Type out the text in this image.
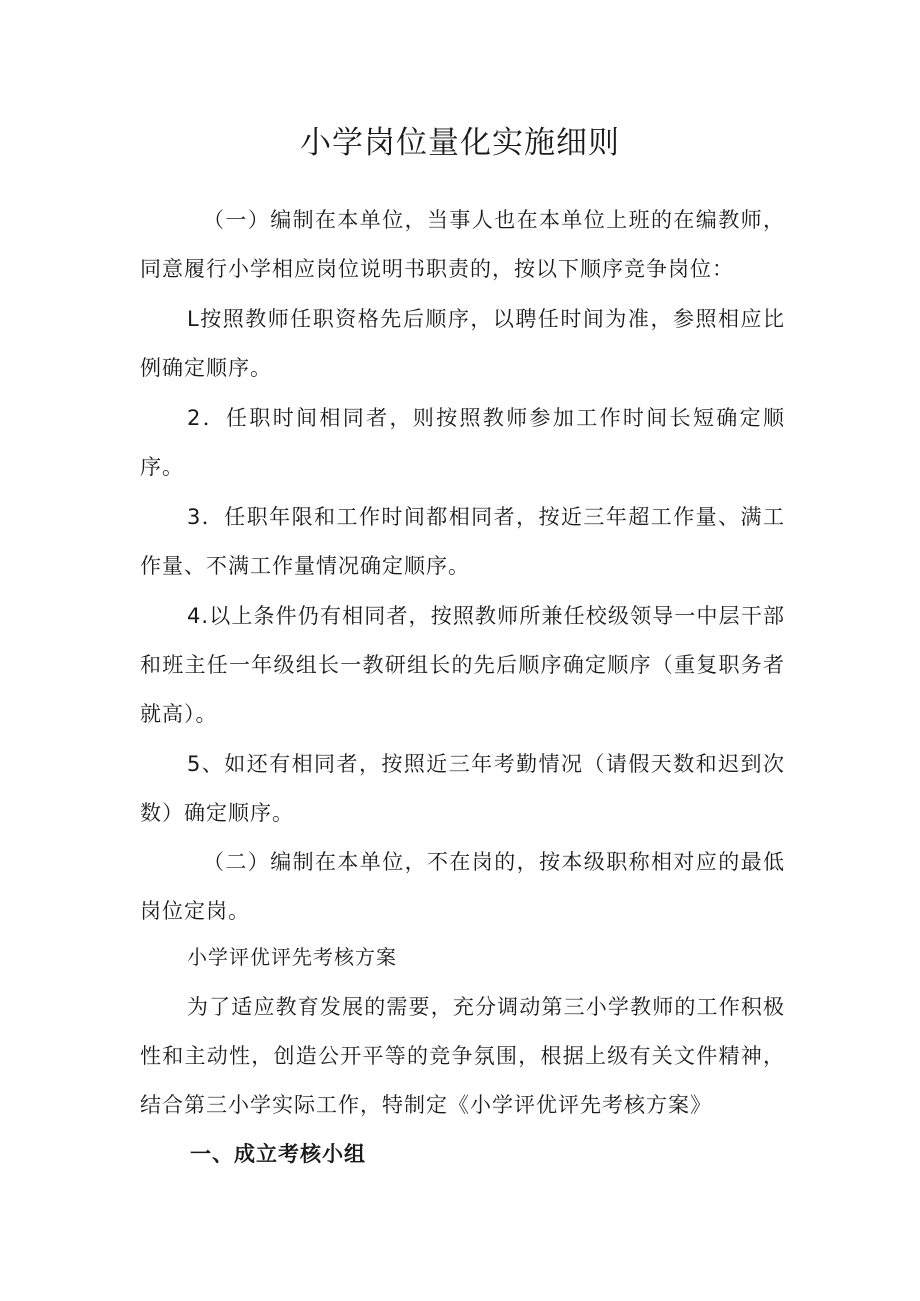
小学岗位量化实施细则

（一）编制在本单位，当事人也在本单位上班的在编教师，同意履行小学相应岗位说明书职责的，按以下顺序竞争岗位：

L按照教师任职资格先后顺序，以聘任时间为准，参照相应比例确定顺序。

2．任职时间相同者，则按照教师参加工作时间长短确定顺序。

3．任职年限和工作时间都相同者，按近三年超工作量、满工作量、不满工作量情况确定顺序。

4.以上条件仍有相同者，按照教师所兼任校级领导一中层干部和班主任一年级组长一教研组长的先后顺序确定顺序（重复职务者就高）。

5、如还有相同者，按照近三年考勤情况（请假天数和迟到次数）确定顺序。

（二）编制在本单位，不在岗的，按本级职称相对应的最低岗位定岗。

小学评优评先考核方案

为了适应教育发展的需要，充分调动第三小学教师的工作积极性和主动性，创造公开平等的竞争氛围，根据上级有关文件精神，结合第三小学实际工作，特制定《小学评优评先考核方案》

一、成立考核小组
